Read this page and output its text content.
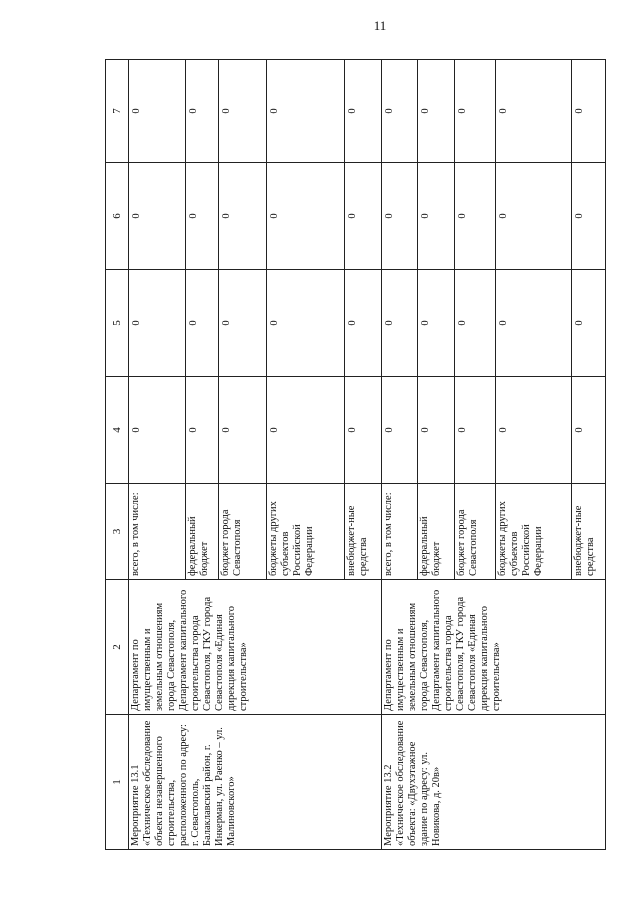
11
1	2	3	4	5	6	7
Мероприятие 13.1 «Техническое обследование объекта незавершенного строительства, расположенного по адресу: г. Севастополь, Балаклавский район, г. Инкерман, ул. Раенко – ул. Малиновского»	Департамент по имущественным и земельным отношениям города Севастополя, Департамент капитального строительства города Севастополя, ГКУ города Севастополя «Единая дирекция капитального строительства»	всего, в том числе:	0	0	0	0
		федеральный бюджет	0	0	0	0
		бюджет города Севастополя	0	0	0	0
		бюджеты других субъектов Российской Федерации	0	0	0	0
		внебюджет-ные средства	0	0	0	0
Мероприятие 13.2 «Техническое обследование объекта: «Двухэтажное здание по адресу: ул. Новикова, д. 20в»	Департамент по имущественным и земельным отношениям города Севастополя, Департамент капитального строительства города Севастополя, ГКУ города Севастополя «Единая дирекция капитального строительства»	всего, в том числе:	0	0	0	0
		федеральный бюджет	0	0	0	0
		бюджет города Севастополя	0	0	0	0
		бюджеты других субъектов Российской Федерации	0	0	0	0
		внебюджет-ные средства	0	0	0	0
